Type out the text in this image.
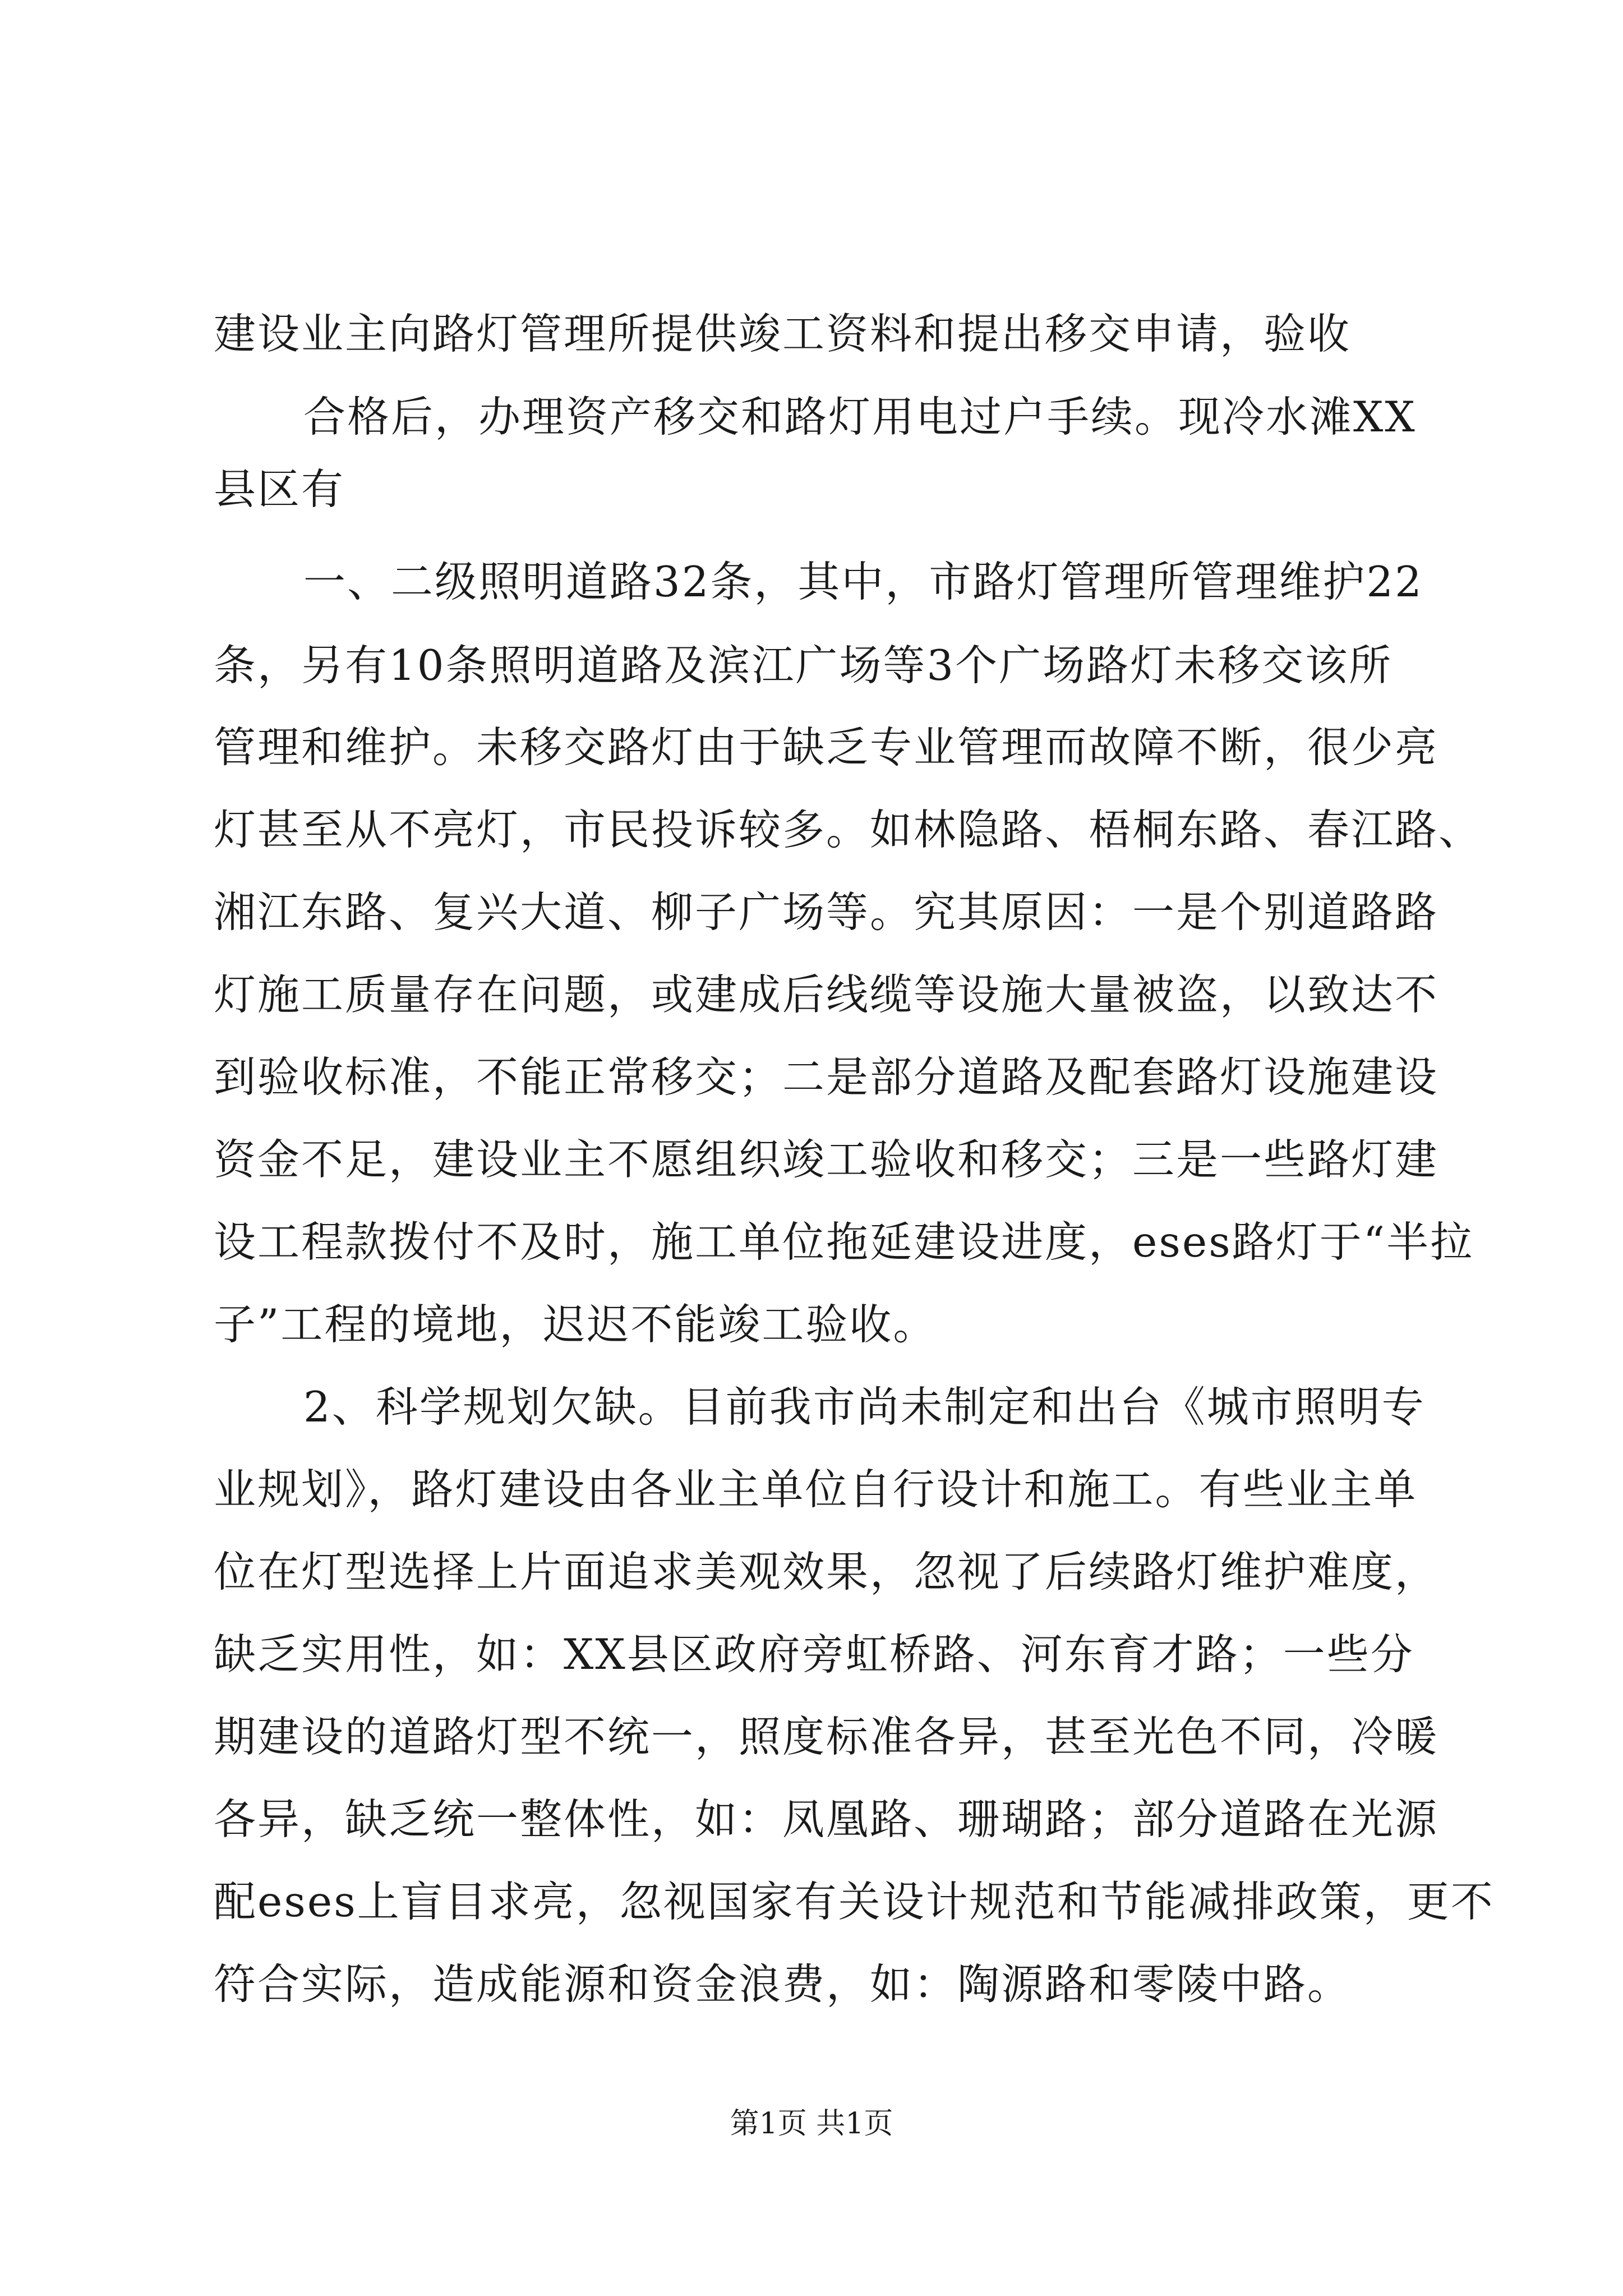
建设业主向路灯管理所提供竣工资料和提出移交申请，验收
合格后，办理资产移交和路灯用电过户手续。现冷水滩XX
县区有
一、二级照明道路32条，其中，市路灯管理所管理维护22
条，另有10条照明道路及滨江广场等3个广场路灯未移交该所
管理和维护。未移交路灯由于缺乏专业管理而故障不断，很少亮
灯甚至从不亮灯，市民投诉较多。如林隐路、梧桐东路、春江路、
湘江东路、复兴大道、柳子广场等。究其原因：一是个别道路路
灯施工质量存在问题，或建成后线缆等设施大量被盗，以致达不
到验收标准，不能正常移交；二是部分道路及配套路灯设施建设
资金不足，建设业主不愿组织竣工验收和移交；三是一些路灯建
设工程款拨付不及时，施工单位拖延建设进度，eses路灯于“半拉
子”工程的境地，迟迟不能竣工验收。
2、科学规划欠缺。目前我市尚未制定和出台《城市照明专
业规划》，路灯建设由各业主单位自行设计和施工。有些业主单
位在灯型选择上片面追求美观效果，忽视了后续路灯维护难度，
缺乏实用性，如：XX县区政府旁虹桥路、河东育才路；一些分
期建设的道路灯型不统一，照度标准各异，甚至光色不同，冷暖
各异，缺乏统一整体性，如：凤凰路、珊瑚路；部分道路在光源
配eses上盲目求亮，忽视国家有关设计规范和节能减排政策，更不
符合实际，造成能源和资金浪费，如：陶源路和零陵中路。
第1页 共1页
